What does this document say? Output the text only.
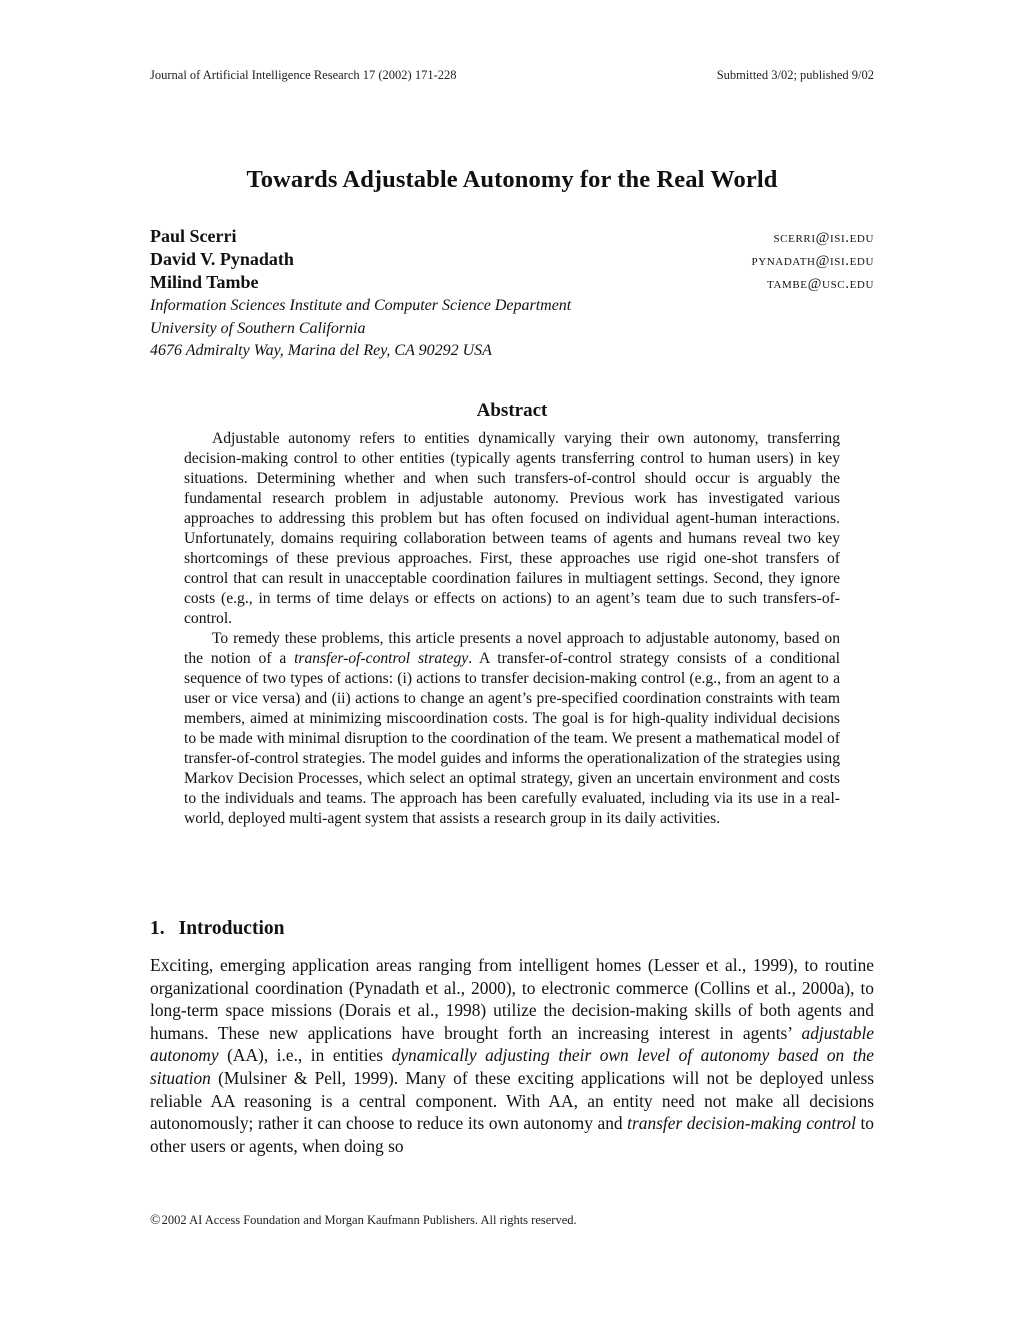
Journal of Artificial Intelligence Research 17 (2002) 171-228	Submitted 3/02; published 9/02
Towards Adjustable Autonomy for the Real World
Paul Scerri	scerri@isi.edu
David V. Pynadath	pynadath@isi.edu
Milind Tambe	tambe@usc.edu
Information Sciences Institute and Computer Science Department
University of Southern California
4676 Admiralty Way, Marina del Rey, CA 90292 USA
Abstract

Adjustable autonomy refers to entities dynamically varying their own autonomy, transferring decision-making control to other entities (typically agents transferring control to human users) in key situations. Determining whether and when such transfers-of-control should occur is arguably the fundamental research problem in adjustable autonomy. Previous work has investigated various approaches to addressing this problem but has often focused on individual agent-human interactions. Unfortunately, domains requiring collaboration between teams of agents and humans reveal two key shortcomings of these previous approaches. First, these approaches use rigid one-shot transfers of control that can result in unacceptable coordination failures in multiagent settings. Second, they ignore costs (e.g., in terms of time delays or effects on actions) to an agent’s team due to such transfers-of-control.

To remedy these problems, this article presents a novel approach to adjustable autonomy, based on the notion of a transfer-of-control strategy. A transfer-of-control strategy consists of a conditional sequence of two types of actions: (i) actions to transfer decision-making control (e.g., from an agent to a user or vice versa) and (ii) actions to change an agent’s pre-specified coordination constraints with team members, aimed at minimizing miscoordination costs. The goal is for high-quality individual decisions to be made with minimal disruption to the coordination of the team. We present a mathematical model of transfer-of-control strategies. The model guides and informs the operationalization of the strategies using Markov Decision Processes, which select an optimal strategy, given an uncertain environment and costs to the individuals and teams. The approach has been carefully evaluated, including via its use in a real-world, deployed multi-agent system that assists a research group in its daily activities.

1. Introduction

Exciting, emerging application areas ranging from intelligent homes (Lesser et al., 1999), to routine organizational coordination (Pynadath et al., 2000), to electronic commerce (Collins et al., 2000a), to long-term space missions (Dorais et al., 1998) utilize the decision-making skills of both agents and humans. These new applications have brought forth an increasing interest in agents’ adjustable autonomy (AA), i.e., in entities dynamically adjusting their own level of autonomy based on the situation (Mulsiner & Pell, 1999). Many of these exciting applications will not be deployed unless reliable AA reasoning is a central component. With AA, an entity need not make all decisions autonomously; rather it can choose to reduce its own autonomy and transfer decision-making control to other users or agents, when doing so

©2002 AI Access Foundation and Morgan Kaufmann Publishers. All rights reserved.
